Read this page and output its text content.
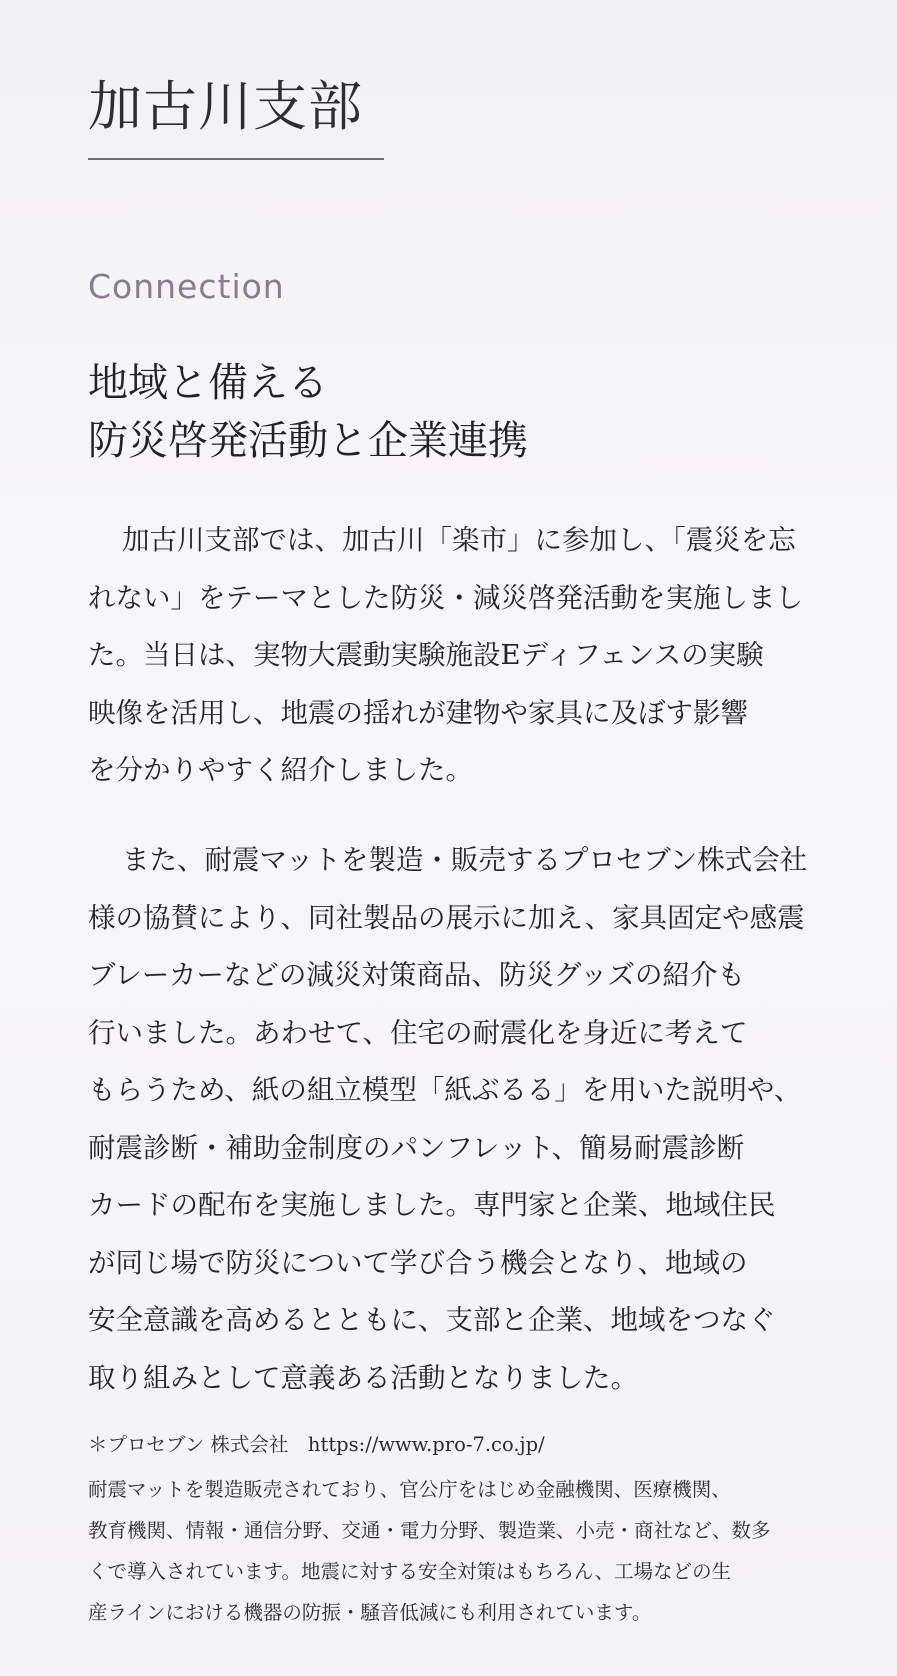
加古川支部
Connection
地域と備える
防災啓発活動と企業連携

加古川支部では、加古川「楽市」に参加し、「震災を忘
れない」をテーマとした防災・減災啓発活動を実施しまし
た。当日は、実物大震動実験施設Eディフェンスの実験
映像を活用し、地震の揺れが建物や家具に及ぼす影響
を分かりやすく紹介しました。

また、耐震マットを製造・販売するプロセブン株式会社
様の協賛により、同社製品の展示に加え、家具固定や感震
ブレーカーなどの減災対策商品、防災グッズの紹介も
行いました。あわせて、住宅の耐震化を身近に考えて
もらうため、紙の組立模型「紙ぶるる」を用いた説明や、
耐震診断・補助金制度のパンフレット、簡易耐震診断
カードの配布を実施しました。専門家と企業、地域住民
が同じ場で防災について学び合う機会となり、地域の
安全意識を高めるとともに、支部と企業、地域をつなぐ
取り組みとして意義ある活動となりました。

＊プロセブン 株式会社　https://www.pro-7.co.jp/
耐震マットを製造販売されており、官公庁をはじめ金融機関、医療機関、
教育機関、情報・通信分野、交通・電力分野、製造業、小売・商社など、数多
くで導入されています。地震に対する安全対策はもちろん、工場などの生
産ラインにおける機器の防振・騒音低減にも利用されています。
